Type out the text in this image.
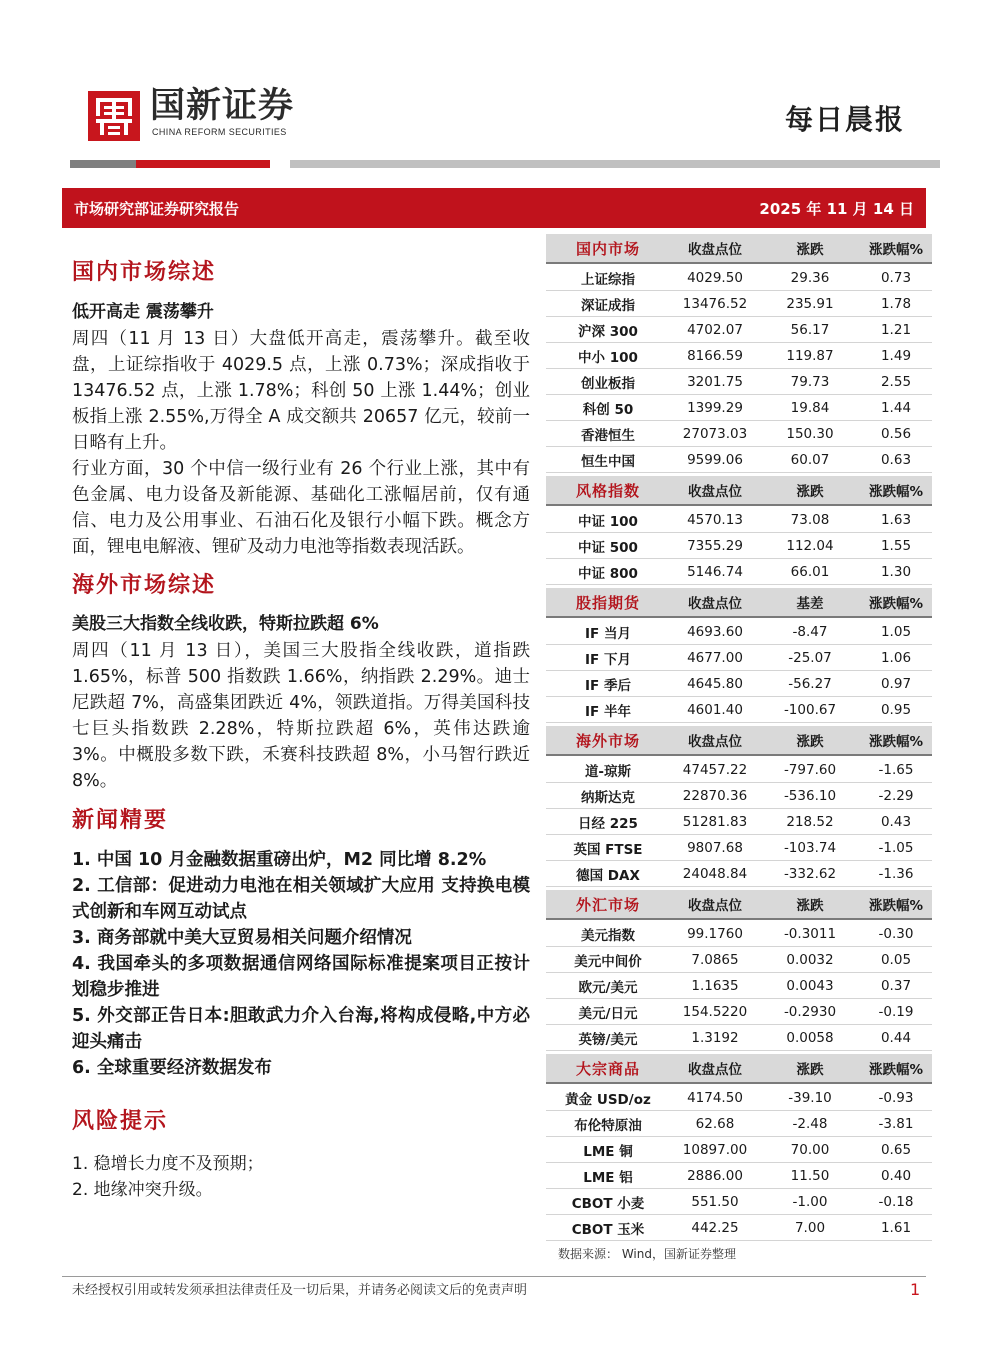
国新证券
CHINA REFORM SECURITIES	每日晨报
市场研究部证券研究报告	2025 年 11 月 14 日
国内市场综述

低开高走 震荡攀升

周四（11 月 13 日）大盘低开高走，震荡攀升。截至收盘，上证综指收于 4029.5 点，上涨 0.73%；深成指收于 13476.52 点，上涨 1.78%；科创 50 上涨 1.44%；创业板指上涨 2.55%,万得全 A 成交额共 20657 亿元，较前一日略有上升。

行业方面，30 个中信一级行业有 26 个行业上涨，其中有色金属、电力设备及新能源、基础化工涨幅居前，仅有通信、电力及公用事业、石油石化及银行小幅下跌。概念方面，锂电电解液、锂矿及动力电池等指数表现活跃。

海外市场综述

美股三大指数全线收跌，特斯拉跌超 6%

周四（11 月 13 日），美国三大股指全线收跌，道指跌 1.65%，标普 500 指数跌 1.66%，纳指跌 2.29%。迪士尼跌超 7%，高盛集团跌近 4%，领跌道指。万得美国科技七巨头指数跌 2.28%，特斯拉跌超 6%，英伟达跌逾 3%。中概股多数下跌，禾赛科技跌超 8%，小马智行跌近 8%。

新闻精要

1. 中国 10 月金融数据重磅出炉，M2 同比增 8.2%

2. 工信部：促进动力电池在相关领域扩大应用 支持换电模式创新和车网互动试点

3. 商务部就中美大豆贸易相关问题介绍情况

4. 我国牵头的多项数据通信网络国际标准提案项目正按计划稳步推进

5. 外交部正告日本:胆敢武力介入台海,将构成侵略,中方必迎头痛击

6. 全球重要经济数据发布

风险提示

1. 稳增长力度不及预期；

2. 地缘冲突升级。

国内市场	收盘点位	涨跌	涨跌幅%
上证综指	4029.50	29.36	0.73
深证成指	13476.52	235.91	1.78
沪深 300	4702.07	56.17	1.21
中小 100	8166.59	119.87	1.49
创业板指	3201.75	79.73	2.55
科创 50	1399.29	19.84	1.44
香港恒生	27073.03	150.30	0.56
恒生中国	9599.06	60.07	0.63
风格指数	收盘点位	涨跌	涨跌幅%
中证 100	4570.13	73.08	1.63
中证 500	7355.29	112.04	1.55
中证 800	5146.74	66.01	1.30
股指期货	收盘点位	基差	涨跌幅%
IF 当月	4693.60	-8.47	1.05
IF 下月	4677.00	-25.07	1.06
IF 季后	4645.80	-56.27	0.97
IF 半年	4601.40	-100.67	0.95
海外市场	收盘点位	涨跌	涨跌幅%
道-琼斯	47457.22	-797.60	-1.65
纳斯达克	22870.36	-536.10	-2.29
日经 225	51281.83	218.52	0.43
英国 FTSE	9807.68	-103.74	-1.05
德国 DAX	24048.84	-332.62	-1.36
外汇市场	收盘点位	涨跌	涨跌幅%
美元指数	99.1760	-0.3011	-0.30
美元中间价	7.0865	0.0032	0.05
欧元/美元	1.1635	0.0043	0.37
美元/日元	154.5220	-0.2930	-0.19
英镑/美元	1.3192	0.0058	0.44
大宗商品	收盘点位	涨跌	涨跌幅%
黄金 USD/oz	4174.50	-39.10	-0.93
布伦特原油	62.68	-2.48	-3.81
LME 铜	10897.00	70.00	0.65
LME 铝	2886.00	11.50	0.40
CBOT 小麦	551.50	-1.00	-0.18
CBOT 玉米	442.25	7.00	1.61
数据来源： Wind，国新证券整理
未经授权引用或转发须承担法律责任及一切后果，并请务必阅读文后的免责声明	1
